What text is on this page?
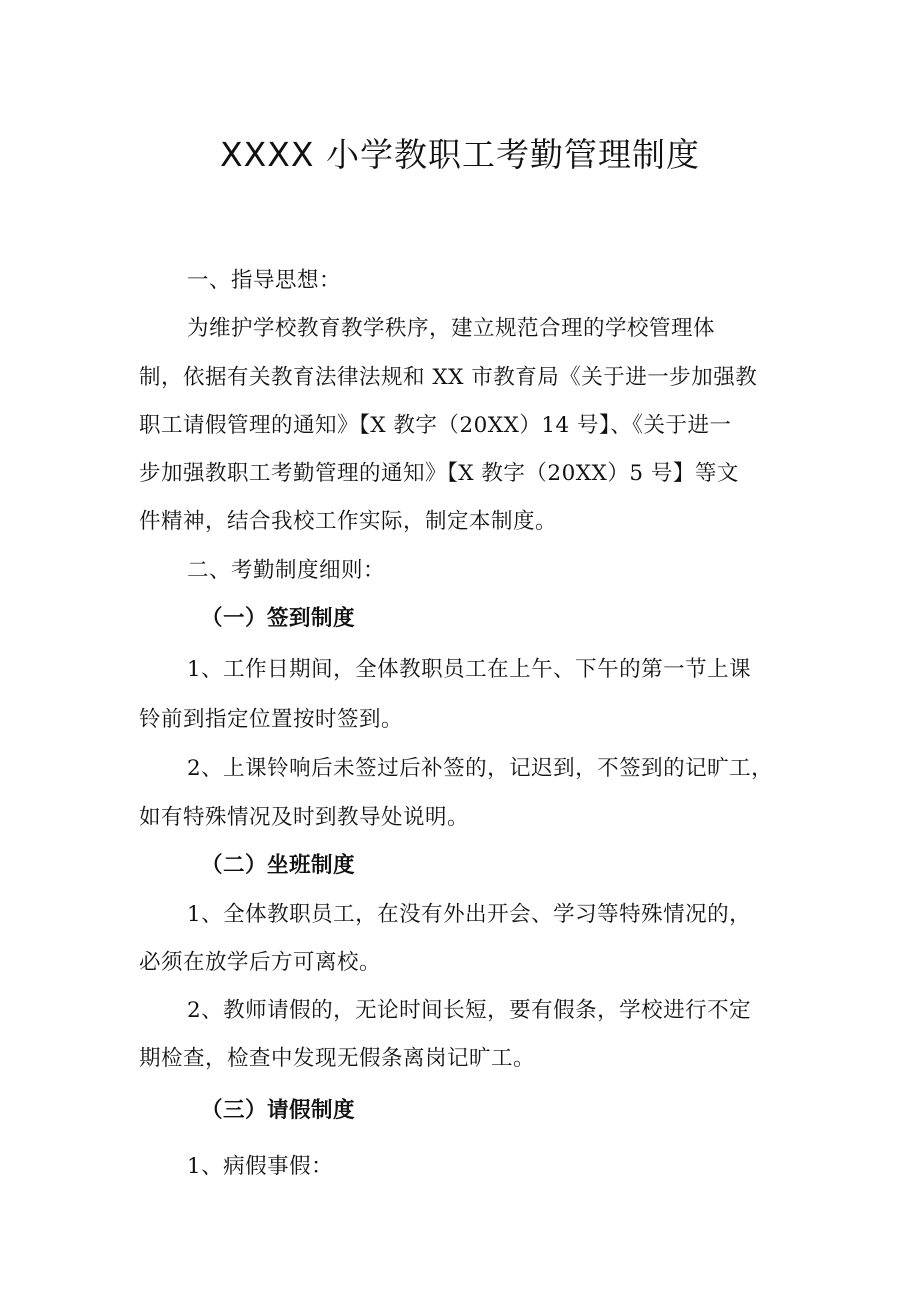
XXXX 小学教职工考勤管理制度
一、指导思想：
为维护学校教育教学秩序，建立规范合理的学校管理体
制，依据有关教育法律法规和 XX 市教育局《关于进一步加强教
职工请假管理的通知》【X 教字（20XX）14 号】、《关于进一
步加强教职工考勤管理的通知》【X 教字（20XX）5 号】等文
件精神，结合我校工作实际，制定本制度。
二、考勤制度细则：
（一）签到制度
1、工作日期间，全体教职员工在上午、下午的第一节上课
铃前到指定位置按时签到。
2、上课铃响后未签过后补签的，记迟到，不签到的记旷工，
如有特殊情况及时到教导处说明。
（二）坐班制度
1、全体教职员工，在没有外出开会、学习等特殊情况的，
必须在放学后方可离校。
2、教师请假的，无论时间长短，要有假条，学校进行不定
期检查，检查中发现无假条离岗记旷工。
（三）请假制度
1、病假事假：
